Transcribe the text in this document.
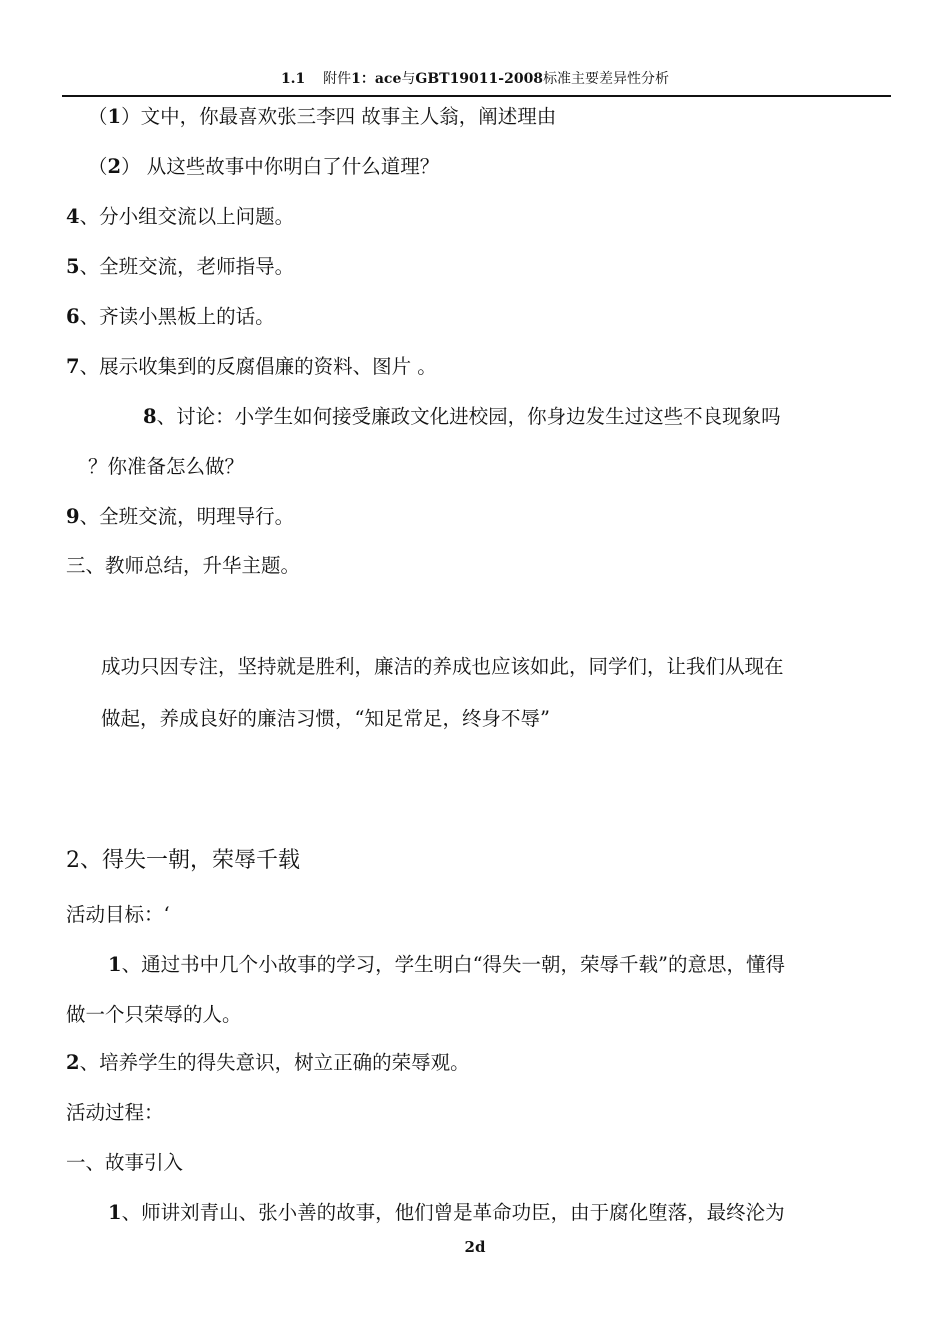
1.1 附件1：ace与GBT19011-2008标准主要差异性分析
（1）文中，你最喜欢张三李四 故事主人翁，阐述理由
（2） 从这些故事中你明白了什么道理？
4、分小组交流以上问题。
5、全班交流，老师指导。
6、齐读小黑板上的话。
7、展示收集到的反腐倡廉的资料、图片 。
8、讨论：小学生如何接受廉政文化进校园，你身边发生过这些不良现象吗
？你准备怎么做？
9、全班交流，明理导行。
三、教师总结，升华主题。
成功只因专注，坚持就是胜利，廉洁的养成也应该如此，同学们，让我们从现在
做起，养成良好的廉洁习惯，“知足常足，终身不辱”
2、得失一朝，荣辱千载
活动目标：‘
1、通过书中几个小故事的学习，学生明白“得失一朝，荣辱千载”的意思，懂得
做一个只荣辱的人。
2、培养学生的得失意识，树立正确的荣辱观。
活动过程：
一、故事引入
1、师讲刘青山、张小善的故事，他们曾是革命功臣，由于腐化堕落，最终沦为
2d
